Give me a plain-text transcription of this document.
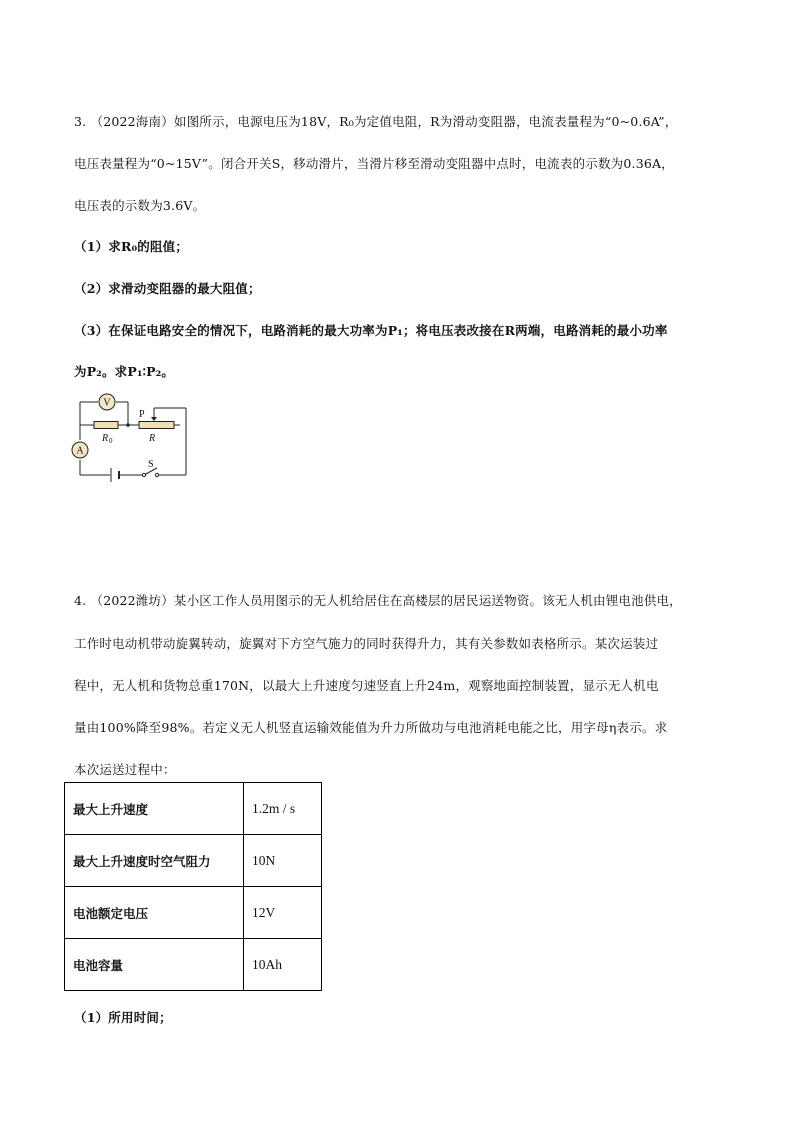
3. （2022海南）如图所示，电源电压为18V，R₀为定值电阻，R为滑动变阻器，电流表量程为“0~0.6A”，
电压表量程为“0~15V”。闭合开关S，移动滑片，当滑片移至滑动变阻器中点时，电流表的示数为0.36A，
电压表的示数为3.6V。
（1）求R₀的阻值；
（2）求滑动变阻器的最大阻值；
（3）在保证电路安全的情况下，电路消耗的最大功率为P₁；将电压表改接在R两端，电路消耗的最小功率
为P₂。求P₁∶P₂。
V
A
P
R 0	R
S
4. （2022潍坊）某小区工作人员用图示的无人机给居住在高楼层的居民运送物资。该无人机由锂电池供电，
工作时电动机带动旋翼转动，旋翼对下方空气施力的同时获得升力，其有关参数如表格所示。某次运装过
程中，无人机和货物总重170N，以最大上升速度匀速竖直上升24m，观察地面控制装置，显示无人机电
量由100%降至98%。若定义无人机竖直运输效能值为升力所做功与电池消耗电能之比，用字母η表示。求
本次运送过程中：
最大上升速度	1.2m / s
最大上升速度时空气阻力	10N
电池额定电压	12V
电池容量	10Ah
（1）所用时间；
